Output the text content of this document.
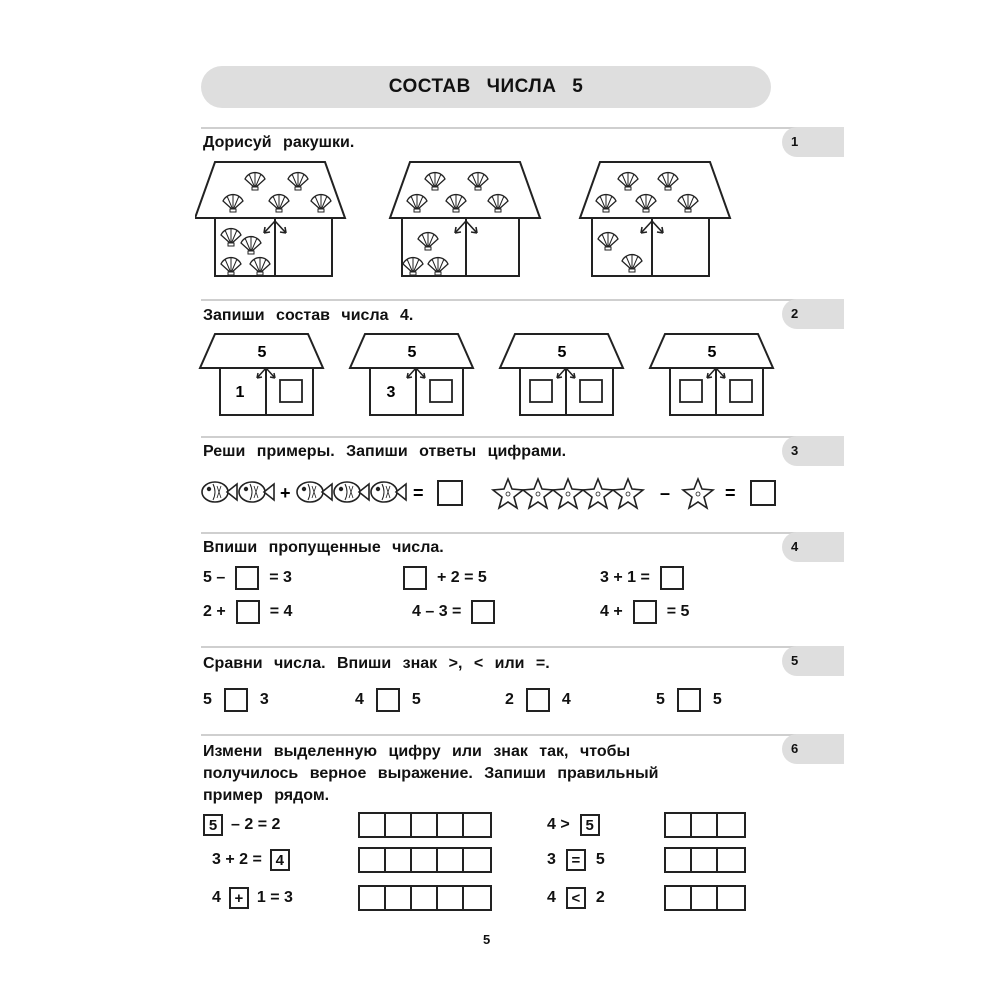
СОСТАВ ЧИСЛА 5
1
Дорисуй ракушки.
2
Запиши состав числа 4.
5	5	5	5
1	3
3
Реши примеры. Запиши ответы цифрами.
+	=	–	=
4
Впиши пропущенные числа.
5 –	= 3	+ 2 = 5	3 + 1 =
2 +	= 4	4 – 3 =	4 +	= 5
5
Сравни числа. Впиши знак >, < или =.
5	3	4	5	2	4	5	5
6
Измени выделенную цифру или знак так, чтобы
получилось верное выражение. Запиши правильный
пример рядом.
5 – 2 = 2
3 + 2 = 4
4 + 1 = 3
4 >	5
3	= 5
4	< 2
5
